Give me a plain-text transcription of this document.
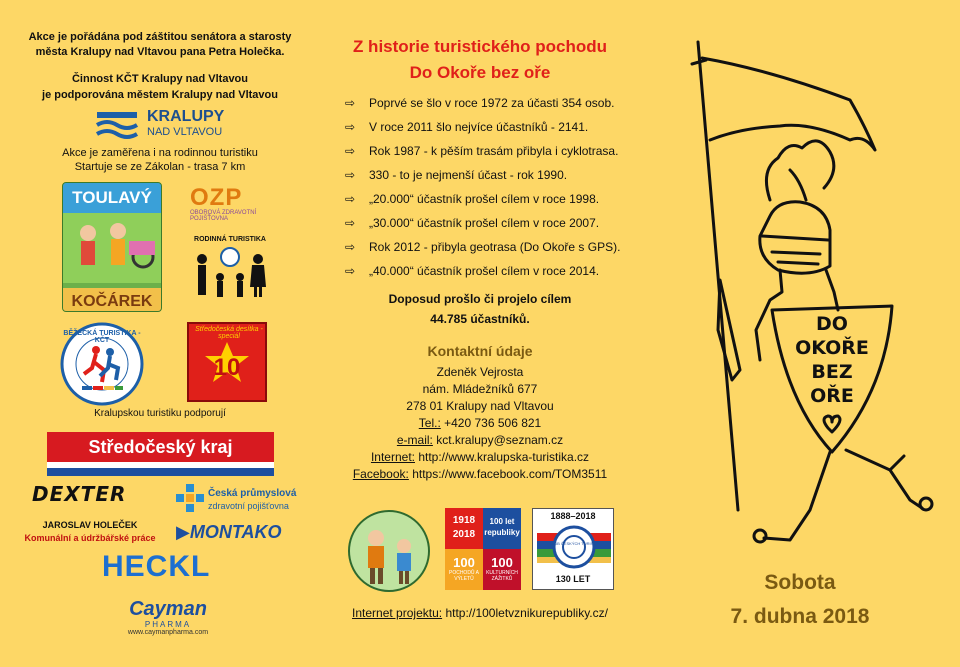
Akce je pořádána pod záštitou senátora a starosty města Kralupy nad Vltavou pana Petra Holečka.
Činnost KČT Kralupy nad Vltavou
je podporována městem Kralupy nad Vltavou
KRALUPY
NAD VLTAVOU
Akce je zaměřena i na rodinnou turistiku
Startuje se ze Zákolan - trasa 7 km
TOULAVÝ
KOČÁREK
OZP
OBOROVÁ ZDRAVOTNÍ POJIŠŤOVNA
RODINNÁ TURISTIKA
BĚŽECKÁ TURISTIKA - KČT
Středočeská desítka - speciál
10
Kralupskou turistiku podporují
Středočeský kraj
DEXTER
JAROSLAV HOLEČEK
Komunální a údržbářské práce
Česká průmyslová
zdravotní pojišťovna
▶MONTAKO
HECKL
Cayman
PHARMA
www.caymanpharma.com
Z historie turistického pochodu
Do Okoře bez oře
⇨	Poprvé se šlo v roce 1972 za účasti 354 osob.
⇨	V roce 2011 šlo nejvíce účastníků - 2141.
⇨	Rok 1987 - k pěším trasám přibyla i cyklotrasa.
⇨	330 - to je nejmenší účast - rok 1990.
⇨	„20.000“ účastník prošel cílem v roce 1998.
⇨	„30.000“ účastník prošel cílem v roce 2007.
⇨	Rok 2012 - přibyla geotrasa (Do Okoře s GPS).
⇨	„40.000“ účastník prošel cílem v roce 2014.
Doposud prošlo či projelo cílem
44.785 účastníků.
Kontaktní údaje
Zdeněk Vejrosta
nám. Mládežníků 677
278 01 Kralupy nad Vltavou
Tel.: +420 736 506 821
e-mail: kct.kralupy@seznam.cz
Internet: http://www.kralupska-turistika.cz
Facebook: https://www.facebook.com/TOM3511
1918
2018
100 let republiky
100
POCHODŮ A VÝLETŮ
100
KULTURNÍCH ZÁŽITKŮ
1888–2018
KLUB ČESKÝCH TURISTŮ
130 LET
Internet projektu: http://100letvznikurepubliky.cz/
DO
OKOŘE
BEZ
OŘE
Sobota
7. dubna 2018
